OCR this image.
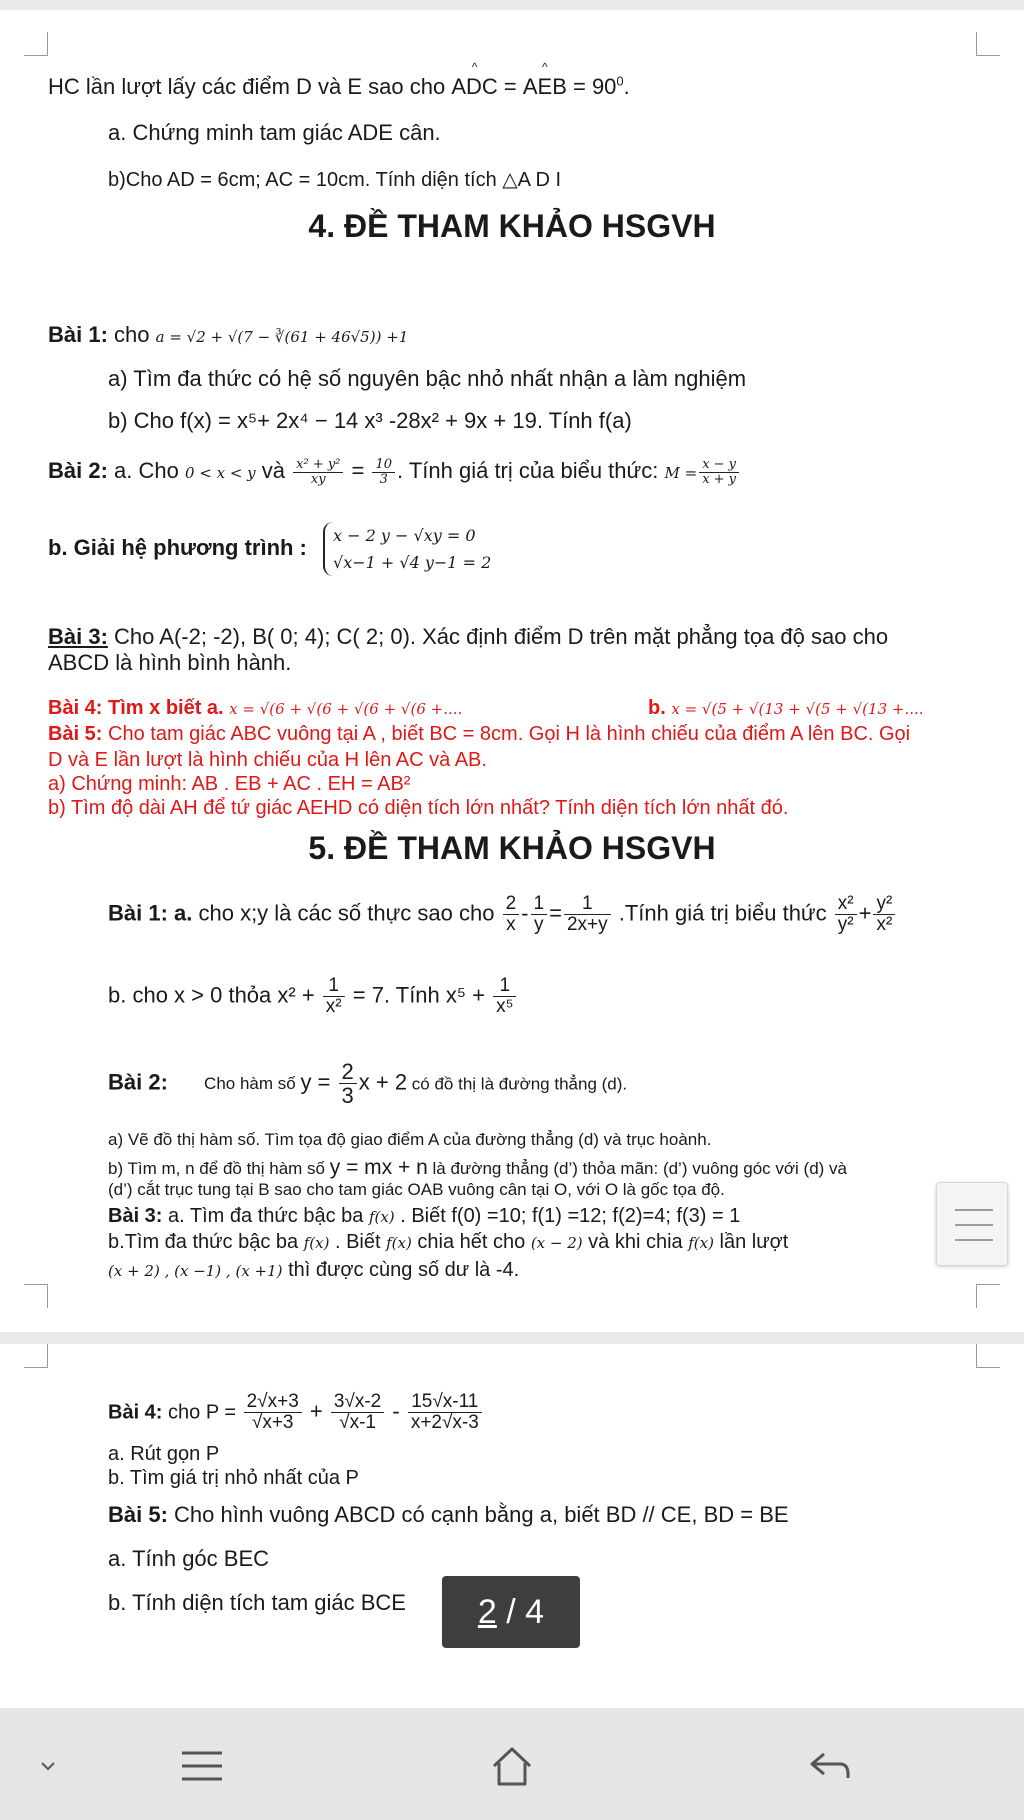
HC lần lượt lấy các điểm D và E sao cho ^ ADC = ^ AEB = $90^0$.
a. Chứng minh tam giác ADE cân.
b)Cho AD = 6cm; AC = 10cm. Tính diện tích △A D I
4. ĐỀ THAM KHẢO HSGVH
Bài 1: cho a = √2 + √(7 − ∛(61 + 46√5)) +1
a) Tìm đa thức có hệ số nguyên bậc nhỏ nhất nhận a làm nghiệm
b) Cho f(x) = x⁵+ 2x⁴ − 14 x³ -28x² + 9x + 19. Tính f(a)
Bài 2: a. Cho 0 < x < y và $\frac{\text{x² + y²}}{xy} = \frac{10}{3}$ . Tính giá trị của biểu thức: $M = \frac{x - y}{x + y}$
b. Giải hệ phương trình : x − 2 y − √xy = 0
√x−1 + √4 y−1 = 2
Bài 3: Cho A(-2; -2), B( 0; 4); C( 2; 0). Xác định điểm D trên mặt phẳng tọa độ sao cho
ABCD là hình bình hành.
Bài 4: Tìm x biết a. x = √(6 + √(6 + √(6 + √(6 +....	b. x = √(5 + √(13 + √(5 + √(13 +....
Bài 5: Cho tam giác ABC vuông tại A , biết BC = 8cm. Gọi H là hình chiếu của điểm A lên BC. Gọi
D và E lần lượt là hình chiếu của H lên AC và AB.
a) Chứng minh: AB . EB + AC . EH = AB²
b) Tìm độ dài AH để tứ giác AEHD có diện tích lớn nhất? Tính diện tích lớn nhất đó.
5. ĐỀ THAM KHẢO HSGVH
Bài 1: a. cho x;y là các số thực sao cho $\frac{2}{x} - \frac{1}{y} = \frac{1}{2x+y}$ .Tính giá trị biểu thức $\frac{\text{x²}}{\text{y²}} + \frac{\text{y²}}{\text{x²}}$
b. cho x > 0 thỏa $x^2 + \frac{1}{\text{x²}} = 7$. Tính $x^5 + \frac{1}{\text{x⁵}}$
Bài 2: Cho hàm số $y = \frac{2}{3}$ x + 2 có đồ thị là đường thẳng (d).
a) Vẽ đồ thị hàm số. Tìm tọa độ giao điểm A của đường thẳng (d) và trục hoành.
b) Tìm m, n để đồ thị hàm số y = mx + n là đường thẳng (d’) thỏa mãn: (d’) vuông góc với (d) và
(d’) cắt trục tung tại B sao cho tam giác OAB vuông cân tại O, với O là gốc tọa độ.
Bài 3: a. Tìm đa thức bậc ba f(x) . Biết f(0) =10; f(1) =12; f(2)=4; f(3) = 1
b.Tìm đa thức bậc ba f(x) . Biết f(x) chia hết cho (x − 2) và khi chia f(x) lần lượt
(x + 2) , (x −1) , (x +1) thì được cùng số dư là -4.
Bài 4: cho $P = \frac{2√x+3}{√x+3} + \frac{3√x-2}{√x-1} - \frac{15√x-11}{x+2√x-3}$
a. Rút gọn P
b. Tìm giá trị nhỏ nhất của P
Bài 5: Cho hình vuông ABCD có cạnh bằng a, biết BD // CE, BD = BE
a. Tính góc BEC
b. Tính diện tích tam giác BCE 2 / 4
